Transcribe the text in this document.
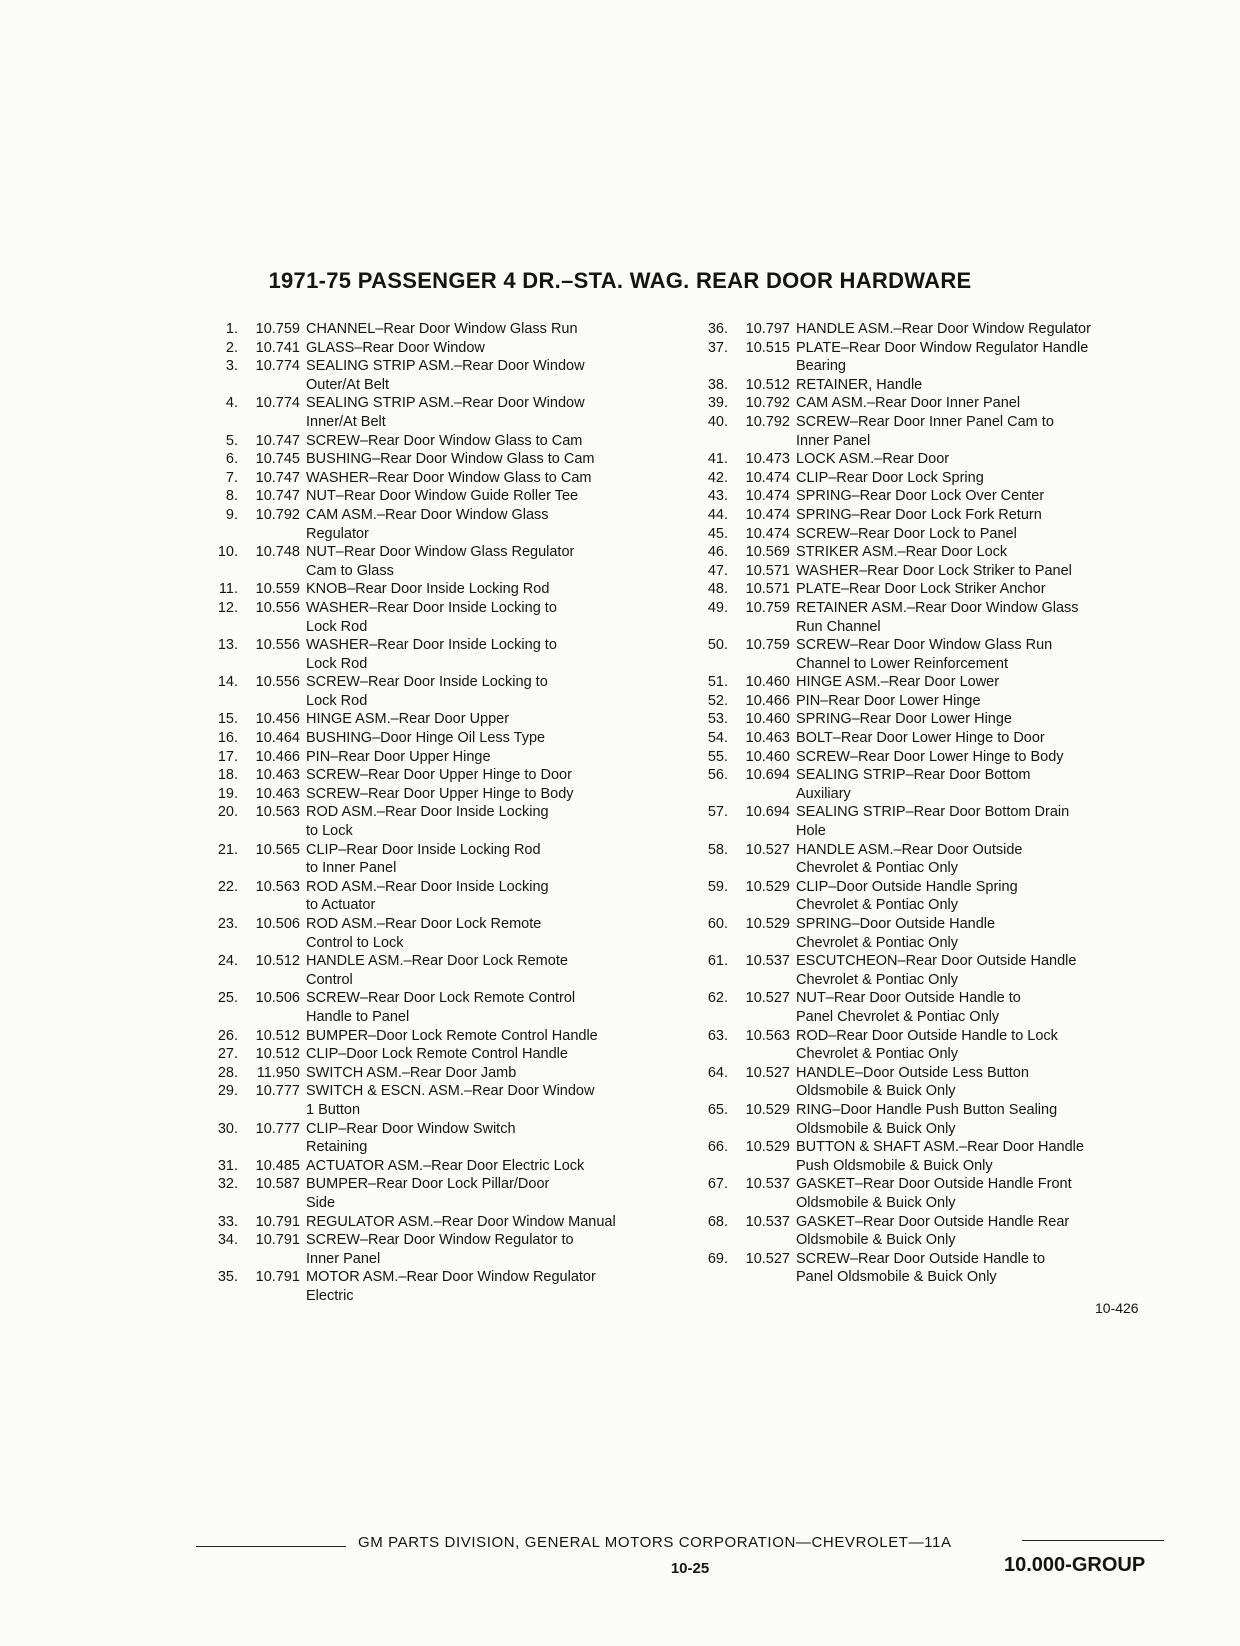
1971-75 PASSENGER 4 DR.–STA. WAG. REAR DOOR HARDWARE
1.	10.759 CHANNEL–Rear Door Window Glass Run
2.	10.741 GLASS–Rear Door Window
3.	10.774 SEALING STRIP ASM.–Rear Door Window
Outer/At Belt
4.	10.774 SEALING STRIP ASM.–Rear Door Window
Inner/At Belt
5.	10.747 SCREW–Rear Door Window Glass to Cam
6.	10.745 BUSHING–Rear Door Window Glass to Cam
7.	10.747 WASHER–Rear Door Window Glass to Cam
8.	10.747 NUT–Rear Door Window Guide Roller Tee
9.	10.792 CAM ASM.–Rear Door Window Glass
Regulator
10.	10.748 NUT–Rear Door Window Glass Regulator
Cam to Glass
11.	10.559 KNOB–Rear Door Inside Locking Rod
12.	10.556 WASHER–Rear Door Inside Locking to
Lock Rod
13.	10.556 WASHER–Rear Door Inside Locking to
Lock Rod
14.	10.556 SCREW–Rear Door Inside Locking to
Lock Rod
15.	10.456 HINGE ASM.–Rear Door Upper
16.	10.464 BUSHING–Door Hinge Oil Less Type
17.	10.466 PIN–Rear Door Upper Hinge
18.	10.463 SCREW–Rear Door Upper Hinge to Door
19.	10.463 SCREW–Rear Door Upper Hinge to Body
20.	10.563 ROD ASM.–Rear Door Inside Locking
to Lock
21.	10.565 CLIP–Rear Door Inside Locking Rod
to Inner Panel
22.	10.563 ROD ASM.–Rear Door Inside Locking
to Actuator
23.	10.506 ROD ASM.–Rear Door Lock Remote
Control to Lock
24.	10.512 HANDLE ASM.–Rear Door Lock Remote
Control
25.	10.506 SCREW–Rear Door Lock Remote Control
Handle to Panel
26.	10.512 BUMPER–Door Lock Remote Control Handle
27.	10.512 CLIP–Door Lock Remote Control Handle
28.	11.950 SWITCH ASM.–Rear Door Jamb
29.	10.777 SWITCH & ESCN. ASM.–Rear Door Window
1 Button
30.	10.777 CLIP–Rear Door Window Switch
Retaining
31.	10.485 ACTUATOR ASM.–Rear Door Electric Lock
32.	10.587 BUMPER–Rear Door Lock Pillar/Door
Side
33.	10.791 REGULATOR ASM.–Rear Door Window Manual
34.	10.791 SCREW–Rear Door Window Regulator to
Inner Panel
35.	10.791 MOTOR ASM.–Rear Door Window Regulator
Electric
36.	10.797 HANDLE ASM.–Rear Door Window Regulator
37.	10.515 PLATE–Rear Door Window Regulator Handle
Bearing
38.	10.512 RETAINER, Handle
39.	10.792 CAM ASM.–Rear Door Inner Panel
40.	10.792 SCREW–Rear Door Inner Panel Cam to
Inner Panel
41.	10.473 LOCK ASM.–Rear Door
42.	10.474 CLIP–Rear Door Lock Spring
43.	10.474 SPRING–Rear Door Lock Over Center
44.	10.474 SPRING–Rear Door Lock Fork Return
45.	10.474 SCREW–Rear Door Lock to Panel
46.	10.569 STRIKER ASM.–Rear Door Lock
47.	10.571 WASHER–Rear Door Lock Striker to Panel
48.	10.571 PLATE–Rear Door Lock Striker Anchor
49.	10.759 RETAINER ASM.–Rear Door Window Glass
Run Channel
50.	10.759 SCREW–Rear Door Window Glass Run
Channel to Lower Reinforcement
51.	10.460 HINGE ASM.–Rear Door Lower
52.	10.466 PIN–Rear Door Lower Hinge
53.	10.460 SPRING–Rear Door Lower Hinge
54.	10.463 BOLT–Rear Door Lower Hinge to Door
55.	10.460 SCREW–Rear Door Lower Hinge to Body
56.	10.694 SEALING STRIP–Rear Door Bottom
Auxiliary
57.	10.694 SEALING STRIP–Rear Door Bottom Drain
Hole
58.	10.527 HANDLE ASM.–Rear Door Outside
Chevrolet & Pontiac Only
59.	10.529 CLIP–Door Outside Handle Spring
Chevrolet & Pontiac Only
60.	10.529 SPRING–Door Outside Handle
Chevrolet & Pontiac Only
61.	10.537 ESCUTCHEON–Rear Door Outside Handle
Chevrolet & Pontiac Only
62.	10.527 NUT–Rear Door Outside Handle to
Panel Chevrolet & Pontiac Only
63.	10.563 ROD–Rear Door Outside Handle to Lock
Chevrolet & Pontiac Only
64.	10.527 HANDLE–Door Outside Less Button
Oldsmobile & Buick Only
65.	10.529 RING–Door Handle Push Button Sealing
Oldsmobile & Buick Only
66.	10.529 BUTTON & SHAFT ASM.–Rear Door Handle
Push Oldsmobile & Buick Only
67.	10.537 GASKET–Rear Door Outside Handle Front
Oldsmobile & Buick Only
68.	10.537 GASKET–Rear Door Outside Handle Rear
Oldsmobile & Buick Only
69.	10.527 SCREW–Rear Door Outside Handle to
Panel Oldsmobile & Buick Only
10-426
GM PARTS DIVISION, GENERAL MOTORS CORPORATION—CHEVROLET—11A
10-25	10.000-GROUP
